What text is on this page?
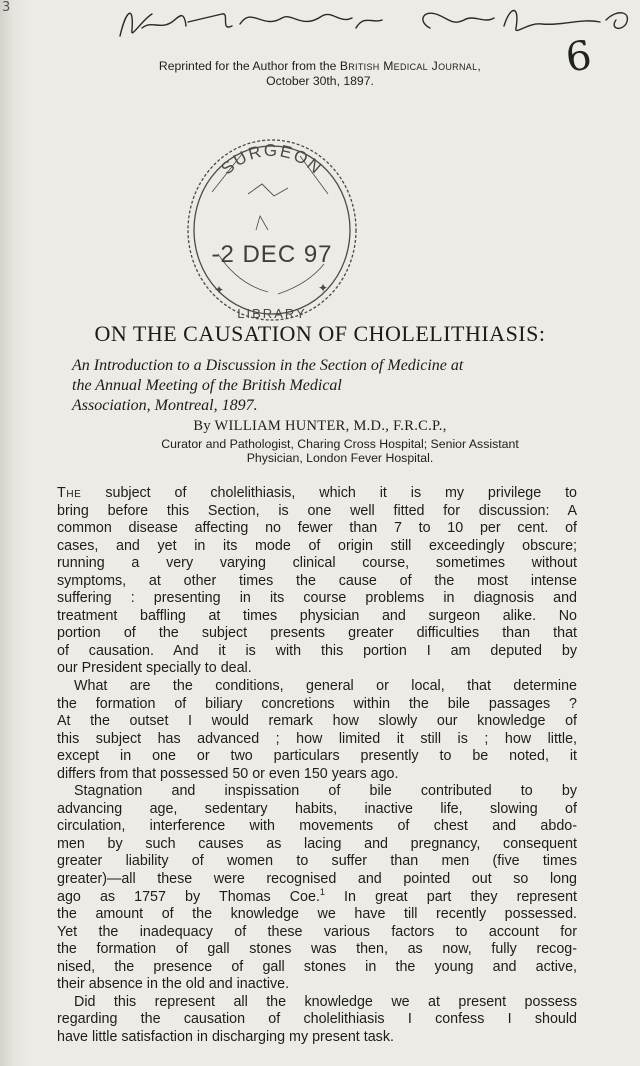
3
Reprinted for the Author from the British Medical Journal,
October 30th, 1897.	6
SURGEON
-2 DEC 97
LIBRARY
✦	✦
ON THE CAUSATION OF CHOLELITHIASIS:
An Introduction to a Discussion in the Section of Medicine at
the Annual Meeting of the British Medical
Association, Montreal, 1897.
By WILLIAM HUNTER, M.D., F.R.C.P.,
Curator and Pathologist, Charing Cross Hospital; Senior Assistant
Physician, London Fever Hospital.
The subject of cholelithiasis, which it is my privilege to
bring before this Section, is one well fitted for discussion: A
common disease affecting no fewer than 7 to 10 per cent. of
cases, and yet in its mode of origin still exceedingly obscure;
running a very varying clinical course, sometimes without
symptoms, at other times the cause of the most intense
suffering : presenting in its course problems in diagnosis and
treatment baffling at times physician and surgeon alike. No
portion of the subject presents greater difficulties than that
of causation. And it is with this portion I am deputed by
our President specially to deal.
What are the conditions, general or local, that determine
the formation of biliary concretions within the bile passages ?
At the outset I would remark how slowly our knowledge of
this subject has advanced ; how limited it still is ; how little,
except in one or two particulars presently to be noted, it
differs from that possessed 50 or even 150 years ago.
Stagnation and inspissation of bile contributed to by
advancing age, sedentary habits, inactive life, slowing of
circulation, interference with movements of chest and abdo-
men by such causes as lacing and pregnancy, consequent
greater liability of women to suffer than men (five times
greater)—all these were recognised and pointed out so long
ago as 1757 by Thomas Coe.$^1$ In great part they represent
the amount of the knowledge we have till recently possessed.
Yet the inadequacy of these various factors to account for
the formation of gall stones was then, as now, fully recog-
nised, the presence of gall stones in the young and active,
their absence in the old and inactive.
Did this represent all the knowledge we at present possess
regarding the causation of cholelithiasis I confess I should
have little satisfaction in discharging my present task.
